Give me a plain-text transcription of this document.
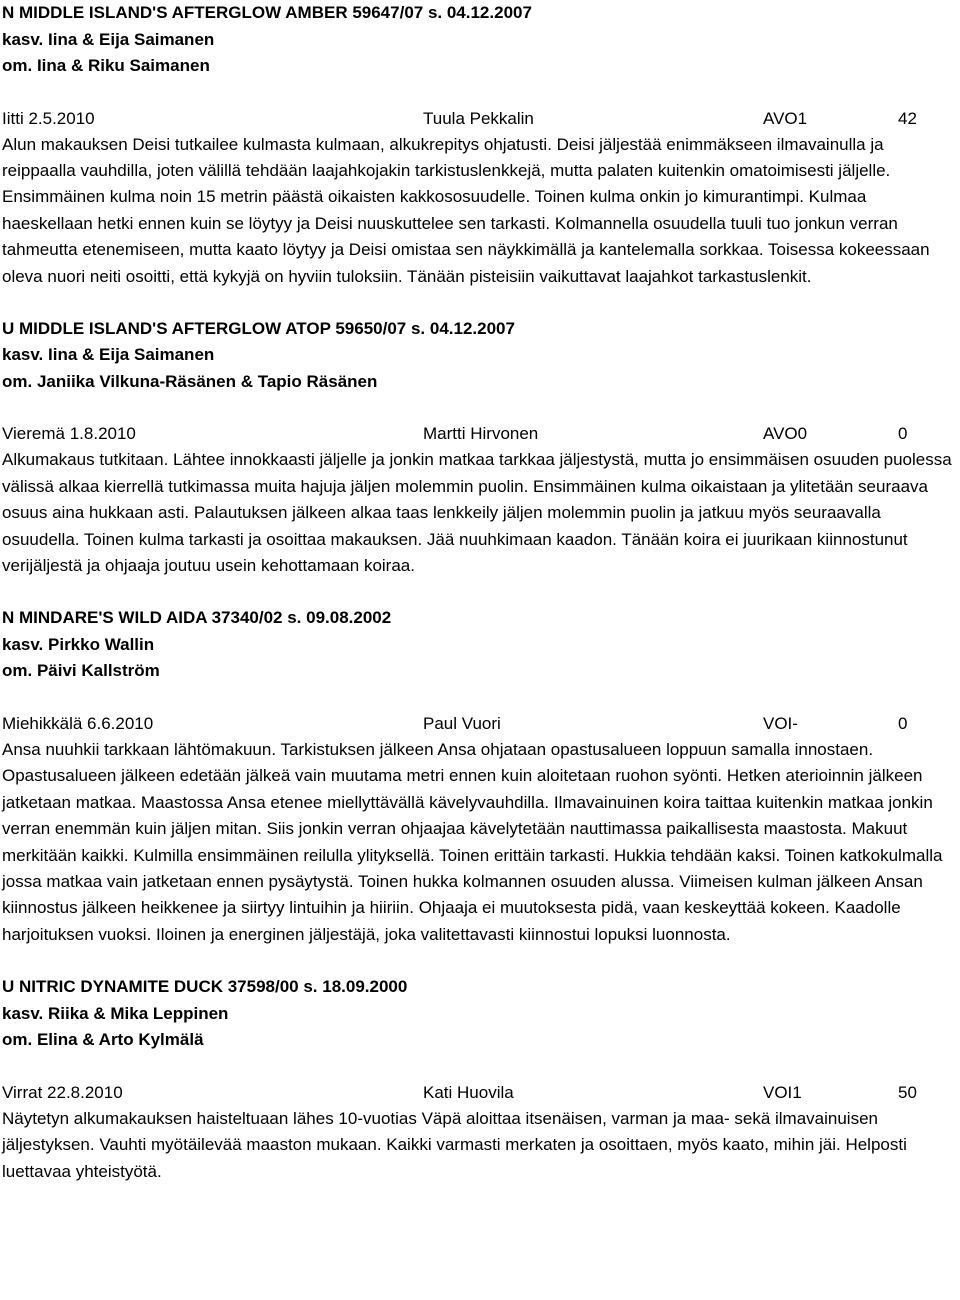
N MIDDLE ISLAND'S AFTERGLOW AMBER 59647/07 s. 04.12.2007
kasv. Iina & Eija Saimanen
om. Iina & Riku Saimanen
Iitti 2.5.2010	Tuula Pekkalin	AVO1	42

Alun makauksen Deisi tutkailee kulmasta kulmaan, alkukrepitys ohjatusti. Deisi jäljestää enimmäkseen ilmavainulla ja reippaalla vauhdilla, joten välillä tehdään laajahkojakin tarkistuslenkkejä, mutta palaten kuitenkin omatoimisesti jäljelle. Ensimmäinen kulma noin 15 metrin päästä oikaisten kakkososuudelle. Toinen kulma onkin jo kimurantimpi. Kulmaa haeskellaan hetki ennen kuin se löytyy ja Deisi nuuskuttelee sen tarkasti. Kolmannella osuudella tuuli tuo jonkun verran tahmeutta etenemiseen, mutta kaato löytyy ja Deisi omistaa sen näykkimällä ja kantelemalla sorkkaa. Toisessa kokeessaan oleva nuori neiti osoitti, että kykyjä on hyviin tuloksiin. Tänään pisteisiin vaikuttavat laajahkot tarkastuslenkit.

U MIDDLE ISLAND'S AFTERGLOW ATOP 59650/07 s. 04.12.2007
kasv. Iina & Eija Saimanen
om. Janiika Vilkuna-Räsänen & Tapio Räsänen
Vieremä 1.8.2010	Martti Hirvonen	AVO0	0

Alkumakaus tutkitaan. Lähtee innokkaasti jäljelle ja jonkin matkaa tarkkaa jäljestystä, mutta jo ensimmäisen osuuden puolessa välissä alkaa kierrellä tutkimassa muita hajuja jäljen molemmin puolin. Ensimmäinen kulma oikaistaan ja ylitetään seuraava osuus aina hukkaan asti. Palautuksen jälkeen alkaa taas lenkkeily jäljen molemmin puolin ja jatkuu myös seuraavalla osuudella. Toinen kulma tarkasti ja osoittaa makauksen. Jää nuuhkimaan kaadon. Tänään koira ei juurikaan kiinnostunut verijäljestä ja ohjaaja joutuu usein kehottamaan koiraa.

N MINDARE'S WILD AIDA 37340/02 s. 09.08.2002
kasv. Pirkko Wallin
om. Päivi Kallström
Miehikkälä 6.6.2010	Paul Vuori	VOI-	0

Ansa nuuhkii tarkkaan lähtömakuun. Tarkistuksen jälkeen Ansa ohjataan opastusalueen loppuun samalla innostaen. Opastusalueen jälkeen edetään jälkeä vain muutama metri ennen kuin aloitetaan ruohon syönti. Hetken aterioinnin jälkeen jatketaan matkaa. Maastossa Ansa etenee miellyttävällä kävelyvauhdilla. Ilmavainuinen koira taittaa kuitenkin matkaa jonkin verran enemmän kuin jäljen mitan. Siis jonkin verran ohjaajaa kävelytetään nauttimassa paikallisesta maastosta. Makuut merkitään kaikki. Kulmilla ensimmäinen reilulla ylityksellä. Toinen erittäin tarkasti. Hukkia tehdään kaksi. Toinen katkokulmalla jossa matkaa vain jatketaan ennen pysäytystä. Toinen hukka kolmannen osuuden alussa. Viimeisen kulman jälkeen Ansan kiinnostus jälkeen heikkenee ja siirtyy lintuihin ja hiiriin. Ohjaaja ei muutoksesta pidä, vaan keskeyttää kokeen. Kaadolle harjoituksen vuoksi. Iloinen ja energinen jäljestäjä, joka valitettavasti kiinnostui lopuksi luonnosta.

U NITRIC DYNAMITE DUCK 37598/00 s. 18.09.2000
kasv. Riika & Mika Leppinen
om. Elina & Arto Kylmälä
Virrat 22.8.2010	Kati Huovila	VOI1	50

Näytetyn alkumakauksen haisteltuaan lähes 10-vuotias Väpä aloittaa itsenäisen, varman ja maa- sekä ilmavainuisen jäljestyksen. Vauhti myötäilevää maaston mukaan. Kaikki varmasti merkaten ja osoittaen, myös kaato, mihin jäi. Helposti luettavaa yhteistyötä.
